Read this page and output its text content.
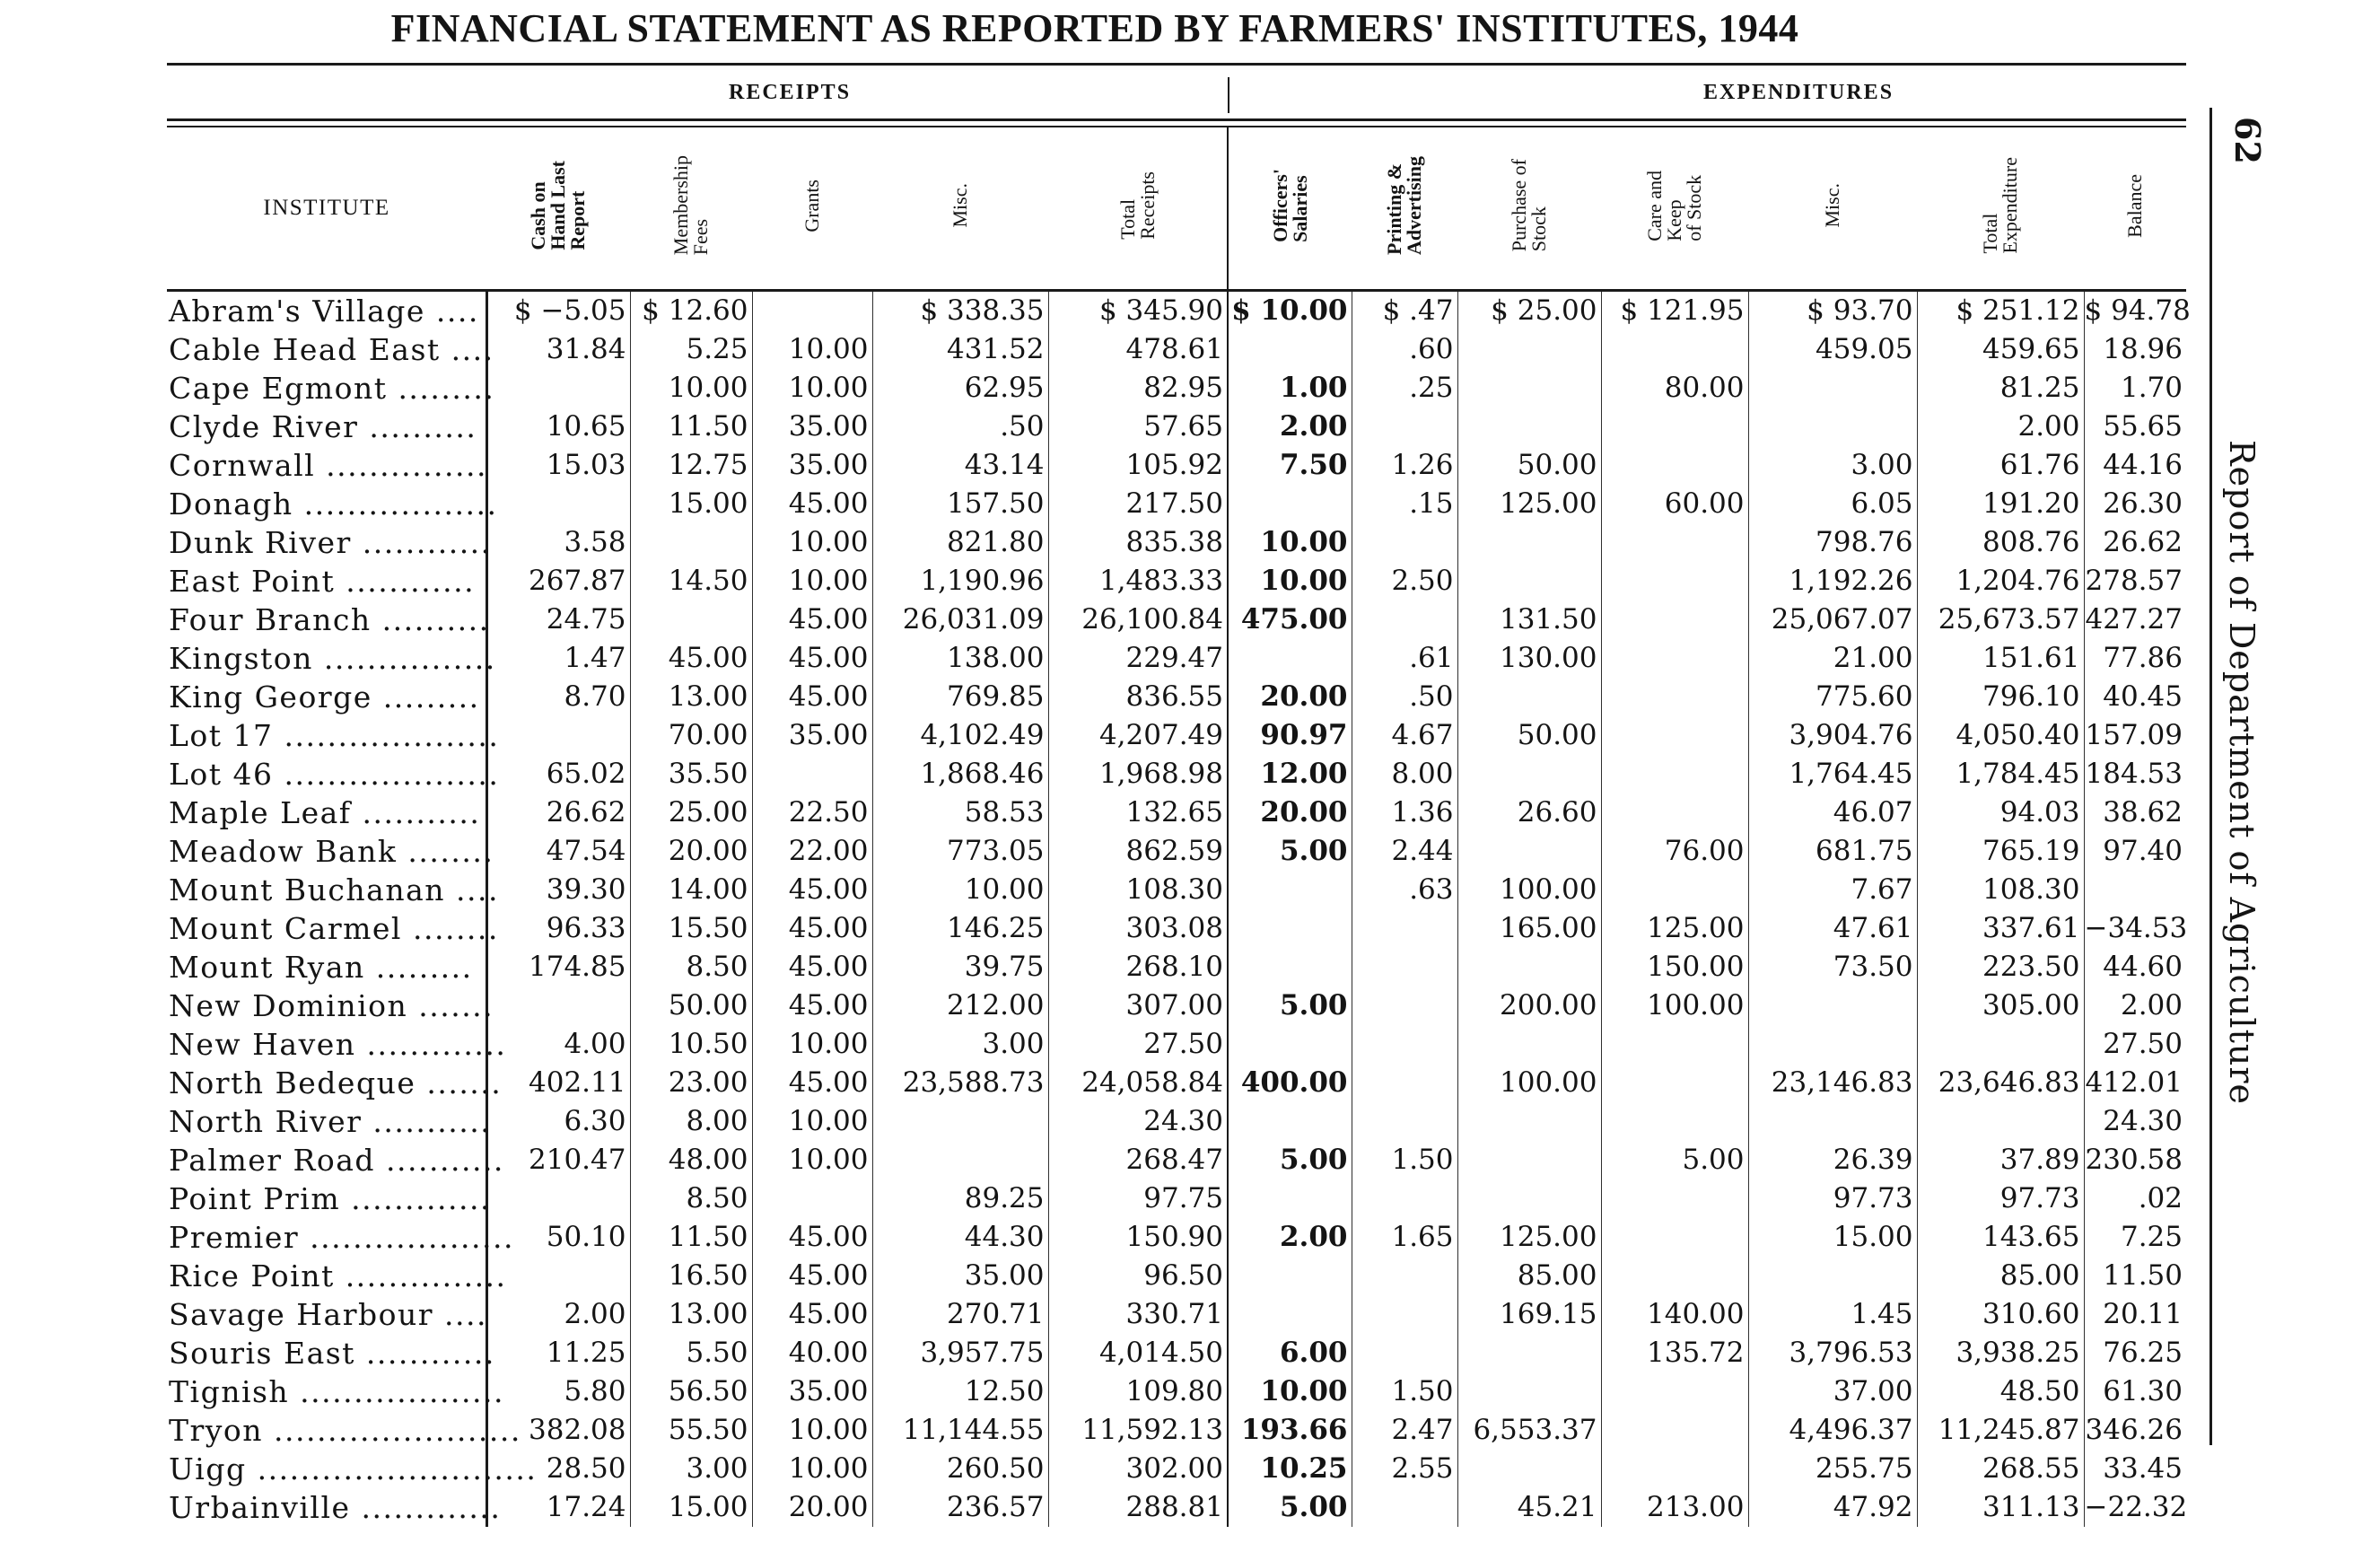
FINANCIAL STATEMENT AS REPORTED BY FARMERS' INSTITUTES, 1944
RECEIPTS	EXPENDITURES
INSTITUTE	Cash on
Hand Last
Report	Membership
Fees	Grants	Misc.	Total
Receipts	Officers'
Salaries	Printing &
Advertising	Purchase of
Stock	Care and
Keep
of Stock	Misc.	Total
Expenditure	Balance
Abram's Village ....	$ −5.05	$ 12.60		$ 338.35	$ 345.90	$ 10.00	$ .47	$ 25.00	$ 121.95	$ 93.70	$ 251.12	$ 94.78
Cable Head East ....	31.84	5.25	10.00	431.52	478.61		.60			459.05	459.65	18.96
Cape Egmont .........		10.00	10.00	62.95	82.95	1.00	.25		80.00		81.25	1.70
Clyde River ..........	10.65	11.50	35.00	.50	57.65	2.00					2.00	55.65
Cornwall ...............	15.03	12.75	35.00	43.14	105.92	7.50	1.26	50.00		3.00	61.76	44.16
Donagh ..................		15.00	45.00	157.50	217.50		.15	125.00	60.00	6.05	191.20	26.30
Dunk River ............	3.58		10.00	821.80	835.38	10.00				798.76	808.76	26.62
East Point ............	267.87	14.50	10.00	1,190.96	1,483.33	10.00	2.50			1,192.26	1,204.76	278.57
Four Branch ..........	24.75		45.00	26,031.09	26,100.84	475.00		131.50		25,067.07	25,673.57	427.27
Kingston ................	1.47	45.00	45.00	138.00	229.47		.61	130.00		21.00	151.61	77.86
King George .........	8.70	13.00	45.00	769.85	836.55	20.00	.50			775.60	796.10	40.45
Lot 17 ....................		70.00	35.00	4,102.49	4,207.49	90.97	4.67	50.00		3,904.76	4,050.40	157.09
Lot 46 ....................	65.02	35.50		1,868.46	1,968.98	12.00	8.00			1,764.45	1,784.45	184.53
Maple Leaf ...........	26.62	25.00	22.50	58.53	132.65	20.00	1.36	26.60		46.07	94.03	38.62
Meadow Bank ........	47.54	20.00	22.00	773.05	862.59	5.00	2.44		76.00	681.75	765.19	97.40
Mount Buchanan ....	39.30	14.00	45.00	10.00	108.30		.63	100.00		7.67	108.30	
Mount Carmel ........	96.33	15.50	45.00	146.25	303.08			165.00	125.00	47.61	337.61	−34.53
Mount Ryan .........	174.85	8.50	45.00	39.75	268.10				150.00	73.50	223.50	44.60
New Dominion .......		50.00	45.00	212.00	307.00	5.00		200.00	100.00		305.00	2.00
New Haven .............	4.00	10.50	10.00	3.00	27.50							27.50
North Bedeque .......	402.11	23.00	45.00	23,588.73	24,058.84	400.00		100.00		23,146.83	23,646.83	412.01
North River ...........	6.30	8.00	10.00		24.30							24.30
Palmer Road ...........	210.47	48.00	10.00		268.47	5.00	1.50		5.00	26.39	37.89	230.58
Point Prim .............		8.50		89.25	97.75					97.73	97.73	.02
Premier ...................	50.10	11.50	45.00	44.30	150.90	2.00	1.65	125.00		15.00	143.65	7.25
Rice Point ...............		16.50	45.00	35.00	96.50			85.00			85.00	11.50
Savage Harbour ....	2.00	13.00	45.00	270.71	330.71			169.15	140.00	1.45	310.60	20.11
Souris East ............	11.25	5.50	40.00	3,957.75	4,014.50	6.00			135.72	3,796.53	3,938.25	76.25
Tignish ...................	5.80	56.50	35.00	12.50	109.80	10.00	1.50			37.00	48.50	61.30
Tryon .......................	382.08	55.50	10.00	11,144.55	11,592.13	193.66	2.47	6,553.37		4,496.37	11,245.87	346.26
Uigg ..........................	28.50	3.00	10.00	260.50	302.00	10.25	2.55			255.75	268.55	33.45
Urbainville .............	17.24	15.00	20.00	236.57	288.81	5.00		45.21	213.00	47.92	311.13	−22.32
62
Report of Department of Agriculture
